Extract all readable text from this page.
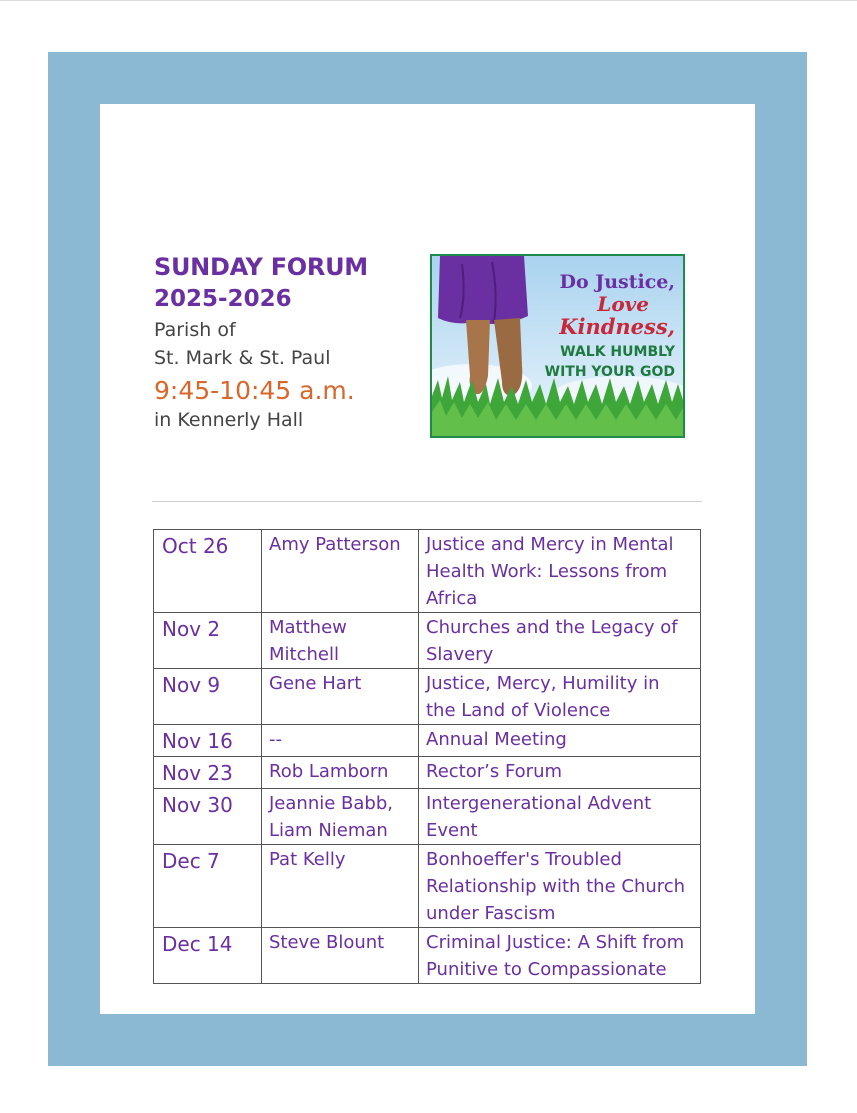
SUNDAY FORUM
2025-2026
Parish of
St. Mark & St. Paul
9:45-10:45 a.m.
in Kennerly Hall
Do Justice,
Love
Kindness,
WALK HUMBLY
WITH YOUR GOD
Oct 26	Amy Patterson	Justice and Mercy in Mental Health Work: Lessons from Africa
Nov 2	Matthew Mitchell	Churches and the Legacy of Slavery
Nov 9	Gene Hart	Justice, Mercy, Humility in the Land of Violence
Nov 16	--	Annual Meeting
Nov 23	Rob Lamborn	Rector’s Forum
Nov 30	Jeannie Babb, Liam Nieman	Intergenerational Advent Event
Dec 7	Pat Kelly	Bonhoeffer's Troubled Relationship with the Church under Fascism
Dec 14	Steve Blount	Criminal Justice: A Shift from Punitive to Compassionate
